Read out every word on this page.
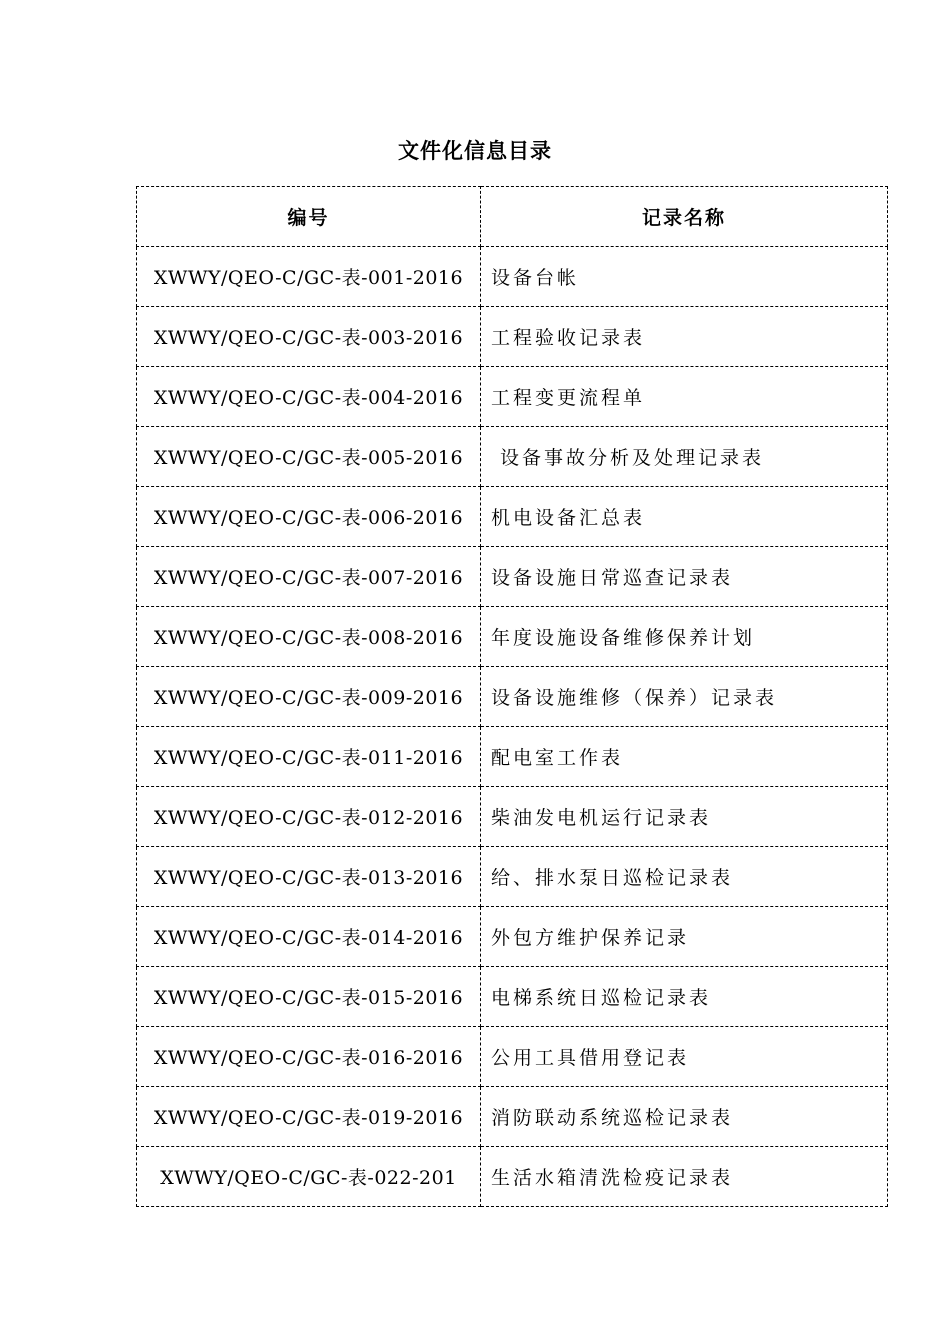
文件化信息目录
编号	记录名称
XWWY/QEO-C/GC-表-001-2016	设备台帐
XWWY/QEO-C/GC-表-003-2016	工程验收记录表
XWWY/QEO-C/GC-表-004-2016	工程变更流程单
XWWY/QEO-C/GC-表-005-2016	设备事故分析及处理记录表
XWWY/QEO-C/GC-表-006-2016	机电设备汇总表
XWWY/QEO-C/GC-表-007-2016	设备设施日常巡查记录表
XWWY/QEO-C/GC-表-008-2016	年度设施设备维修保养计划
XWWY/QEO-C/GC-表-009-2016	设备设施维修（保养）记录表
XWWY/QEO-C/GC-表-011-2016	配电室工作表
XWWY/QEO-C/GC-表-012-2016	柴油发电机运行记录表
XWWY/QEO-C/GC-表-013-2016	给、排水泵日巡检记录表
XWWY/QEO-C/GC-表-014-2016	外包方维护保养记录
XWWY/QEO-C/GC-表-015-2016	电梯系统日巡检记录表
XWWY/QEO-C/GC-表-016-2016	公用工具借用登记表
XWWY/QEO-C/GC-表-019-2016	消防联动系统巡检记录表
XWWY/QEO-C/GC-表-022-201	生活水箱清洗检疫记录表
